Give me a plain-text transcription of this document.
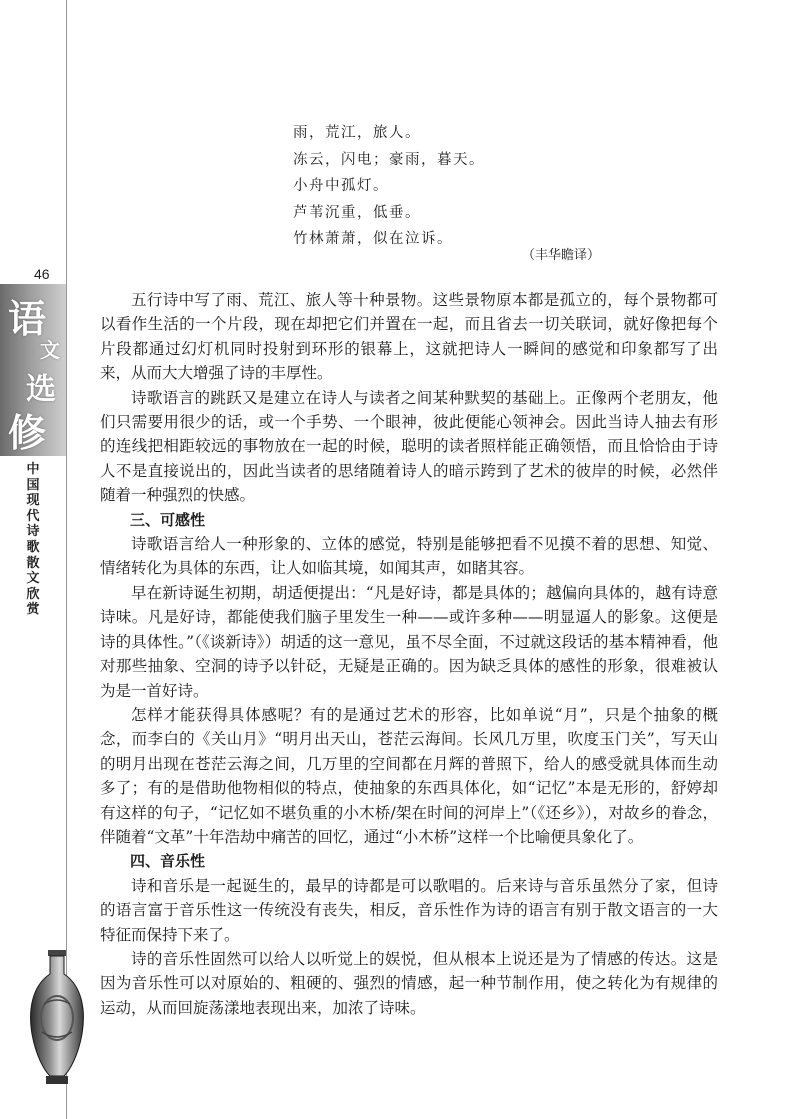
46
语
文
选
修
中
国
现
代
诗
歌
散
文
欣
赏
雨，荒江，旅人。
冻云，闪电；豪雨，暮天。
小舟中孤灯。
芦苇沉重，低垂。
竹林萧萧，似在泣诉。
（丰华瞻译）

五行诗中写了雨、荒江、旅人等十种景物。这些景物原本都是孤立的，每个景物都可以看作生活的一个片段，现在却把它们并置在一起，而且省去一切关联词，就好像把每个片段都通过幻灯机同时投射到环形的银幕上，这就把诗人一瞬间的感觉和印象都写了出来，从而大大增强了诗的丰厚性。

诗歌语言的跳跃又是建立在诗人与读者之间某种默契的基础上。正像两个老朋友，他们只需要用很少的话，或一个手势、一个眼神，彼此便能心领神会。因此当诗人抽去有形的连线把相距较远的事物放在一起的时候，聪明的读者照样能正确领悟，而且恰恰由于诗人不是直接说出的，因此当读者的思绪随着诗人的暗示跨到了艺术的彼岸的时候，必然伴随着一种强烈的快感。

三、可感性

诗歌语言给人一种形象的、立体的感觉，特别是能够把看不见摸不着的思想、知觉、情绪转化为具体的东西，让人如临其境，如闻其声，如睹其容。

早在新诗诞生初期，胡适便提出：“凡是好诗，都是具体的；越偏向具体的，越有诗意诗味。凡是好诗，都能使我们脑子里发生一种——或许多种——明显逼人的影象。这便是诗的具体性。”（《谈新诗》）胡适的这一意见，虽不尽全面，不过就这段话的基本精神看，他对那些抽象、空洞的诗予以针砭，无疑是正确的。因为缺乏具体的感性的形象，很难被认为是一首好诗。

怎样才能获得具体感呢？有的是通过艺术的形容，比如单说“月”，只是个抽象的概念，而李白的《关山月》“明月出天山，苍茫云海间。长风几万里，吹度玉门关”，写天山的明月出现在苍茫云海之间，几万里的空间都在月辉的普照下，给人的感受就具体而生动多了；有的是借助他物相似的特点，使抽象的东西具体化，如“记忆”本是无形的，舒婷却有这样的句子，“记忆如不堪负重的小木桥/架在时间的河岸上”（《还乡》），对故乡的眷念，伴随着“文革”十年浩劫中痛苦的回忆，通过“小木桥”这样一个比喻便具象化了。

四、音乐性

诗和音乐是一起诞生的，最早的诗都是可以歌唱的。后来诗与音乐虽然分了家，但诗的语言富于音乐性这一传统没有丧失，相反，音乐性作为诗的语言有别于散文语言的一大特征而保持下来了。

诗的音乐性固然可以给人以听觉上的娱悦，但从根本上说还是为了情感的传达。这是因为音乐性可以对原始的、粗硬的、强烈的情感，起一种节制作用，使之转化为有规律的运动，从而回旋荡漾地表现出来，加浓了诗味。
